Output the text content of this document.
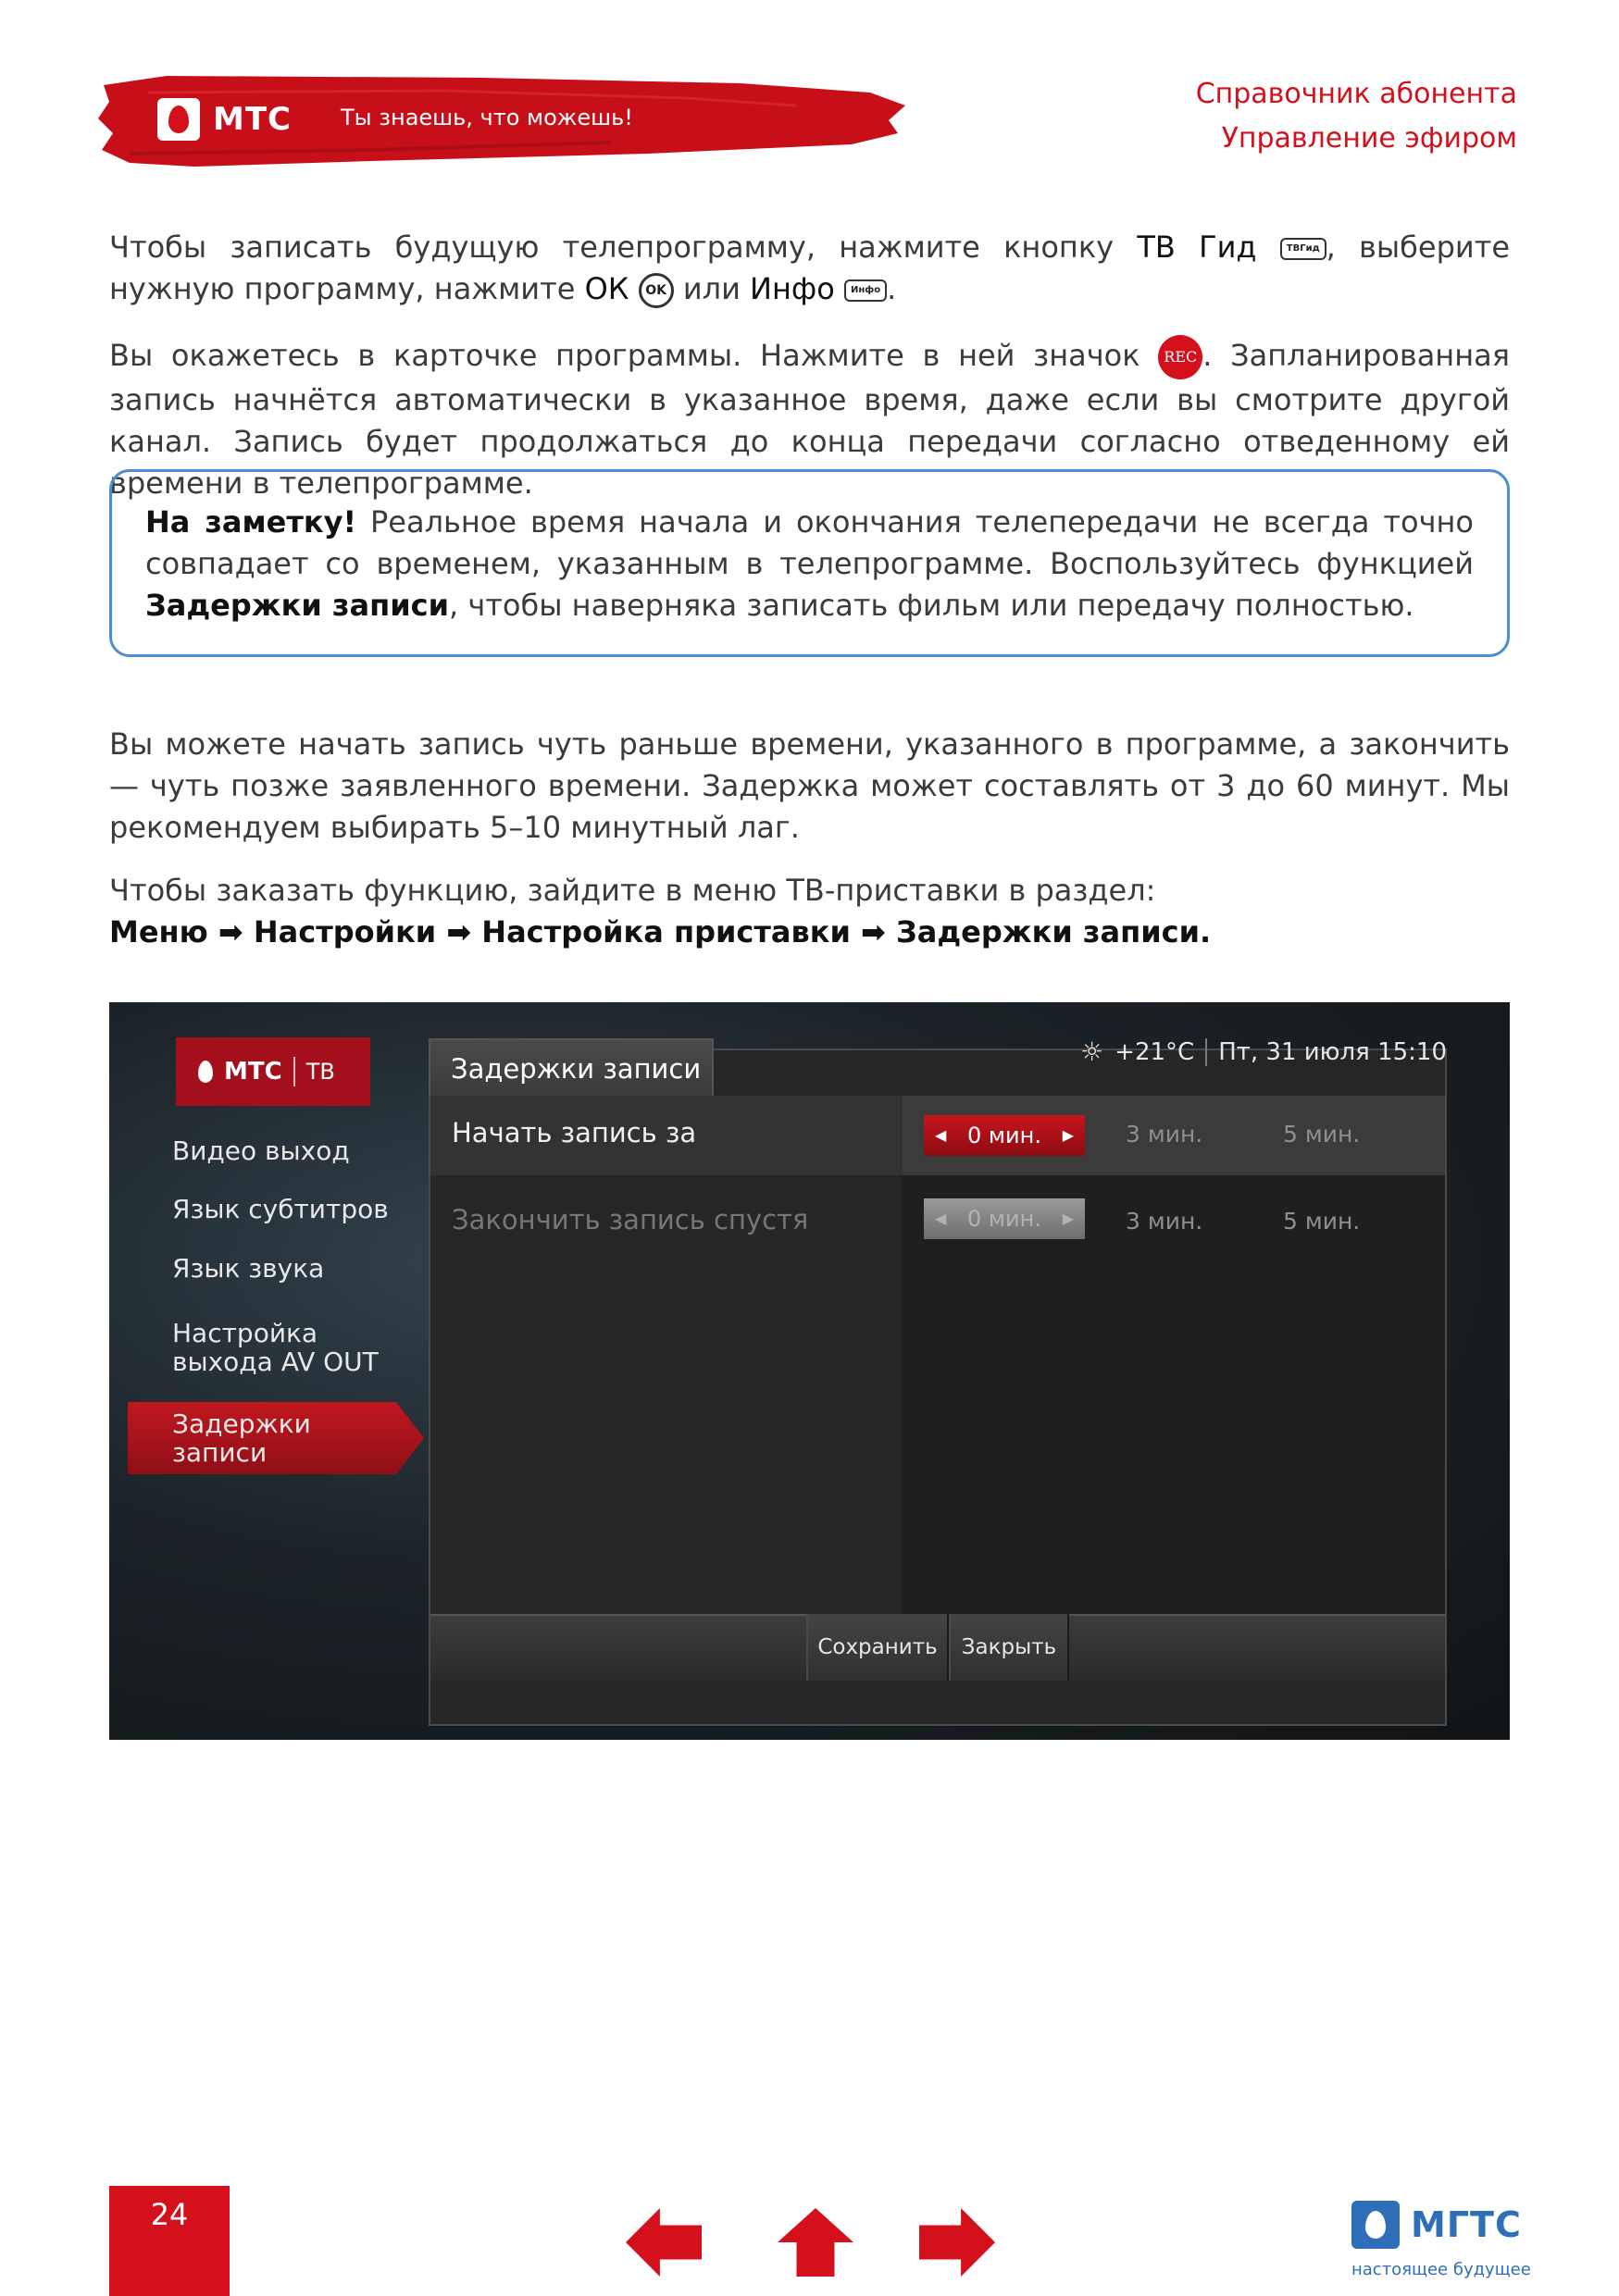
МТС Ты знаешь, что можешь!
Справочник абонента
Управление эфиром
Чтобы записать будущую телепрограмму, нажмите кнопку ТВ Гид	ТВГид , выберите нужную программу, нажмите ОК OK или Инфо Инфо .
Вы окажетесь в карточке программы. Нажмите в ней значок REC . Запланированная запись начнётся автоматически в указанное время, даже если вы смотрите другой канал. Запись будет продолжаться до конца передачи согласно отведенному ей времени в телепрограмме.
На заметку! Реальное время начала и окончания телепередачи не всегда точно совпадает со временем, указанным в телепрограмме. Воспользуйтесь функцией Задержки записи, чтобы наверняка записать фильм или передачу полностью.
Вы можете начать запись чуть раньше времени, указанного в программе, а закончить — чуть позже заявленного времени. Задержка может составлять от 3 до 60 минут. Мы рекомендуем выбирать 5–10 минутный лаг.
Чтобы заказать функцию, зайдите в меню ТВ-приставки в раздел:
Меню ➡ Настройки ➡ Настройка приставки ➡ Задержки записи.
МТС ТВ
Видео выход
Язык субтитров
Язык звука
Настройка выхода AV OUT
Задержки записи
Задержки записи
☼ +21°C Пт, 31 июля 15:10
Начать запись за	◀ 0 мин. ▶ 3 мин.	5 мин.
Закончить запись спустя	◀ 0 мин. ▶ 3 мин.	5 мин.
Сохранить	Закрыть
24	МГТС
настоящее будущее
